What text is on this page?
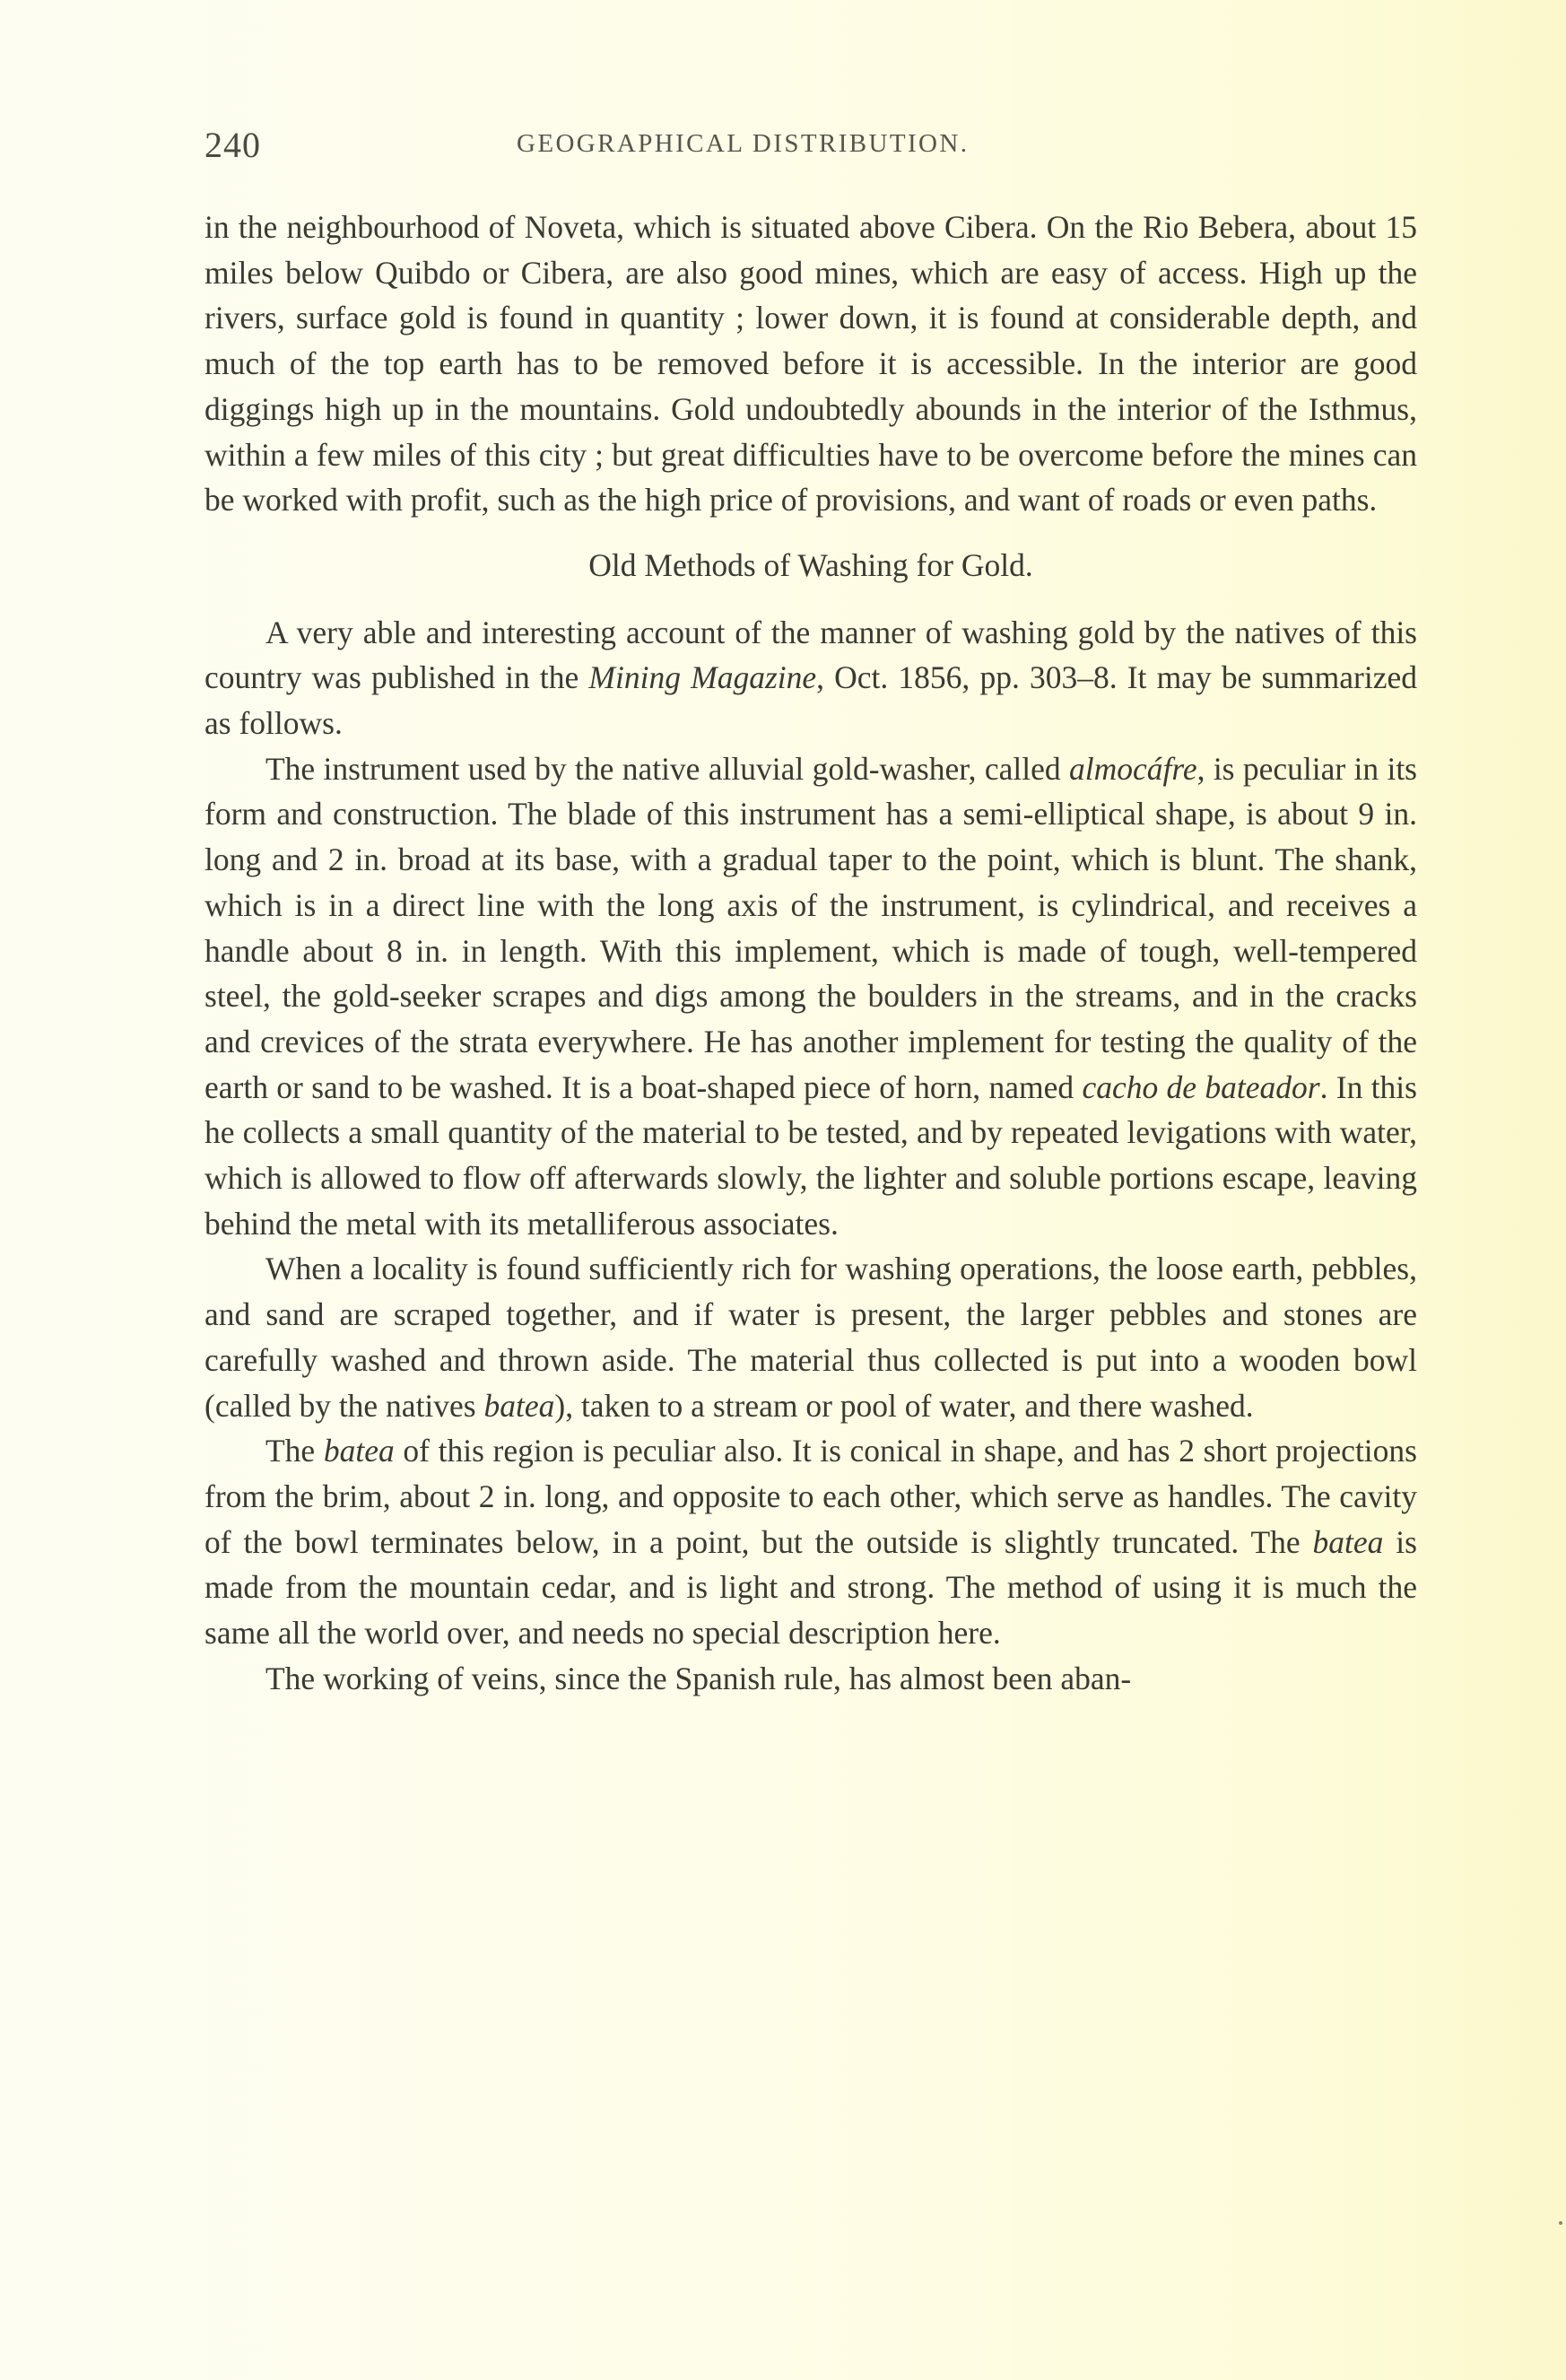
240	GEOGRAPHICAL DISTRIBUTION.

in the neighbourhood of Noveta, which is situated above Cibera. On the Rio Bebera, about 15 miles below Quibdo or Cibera, are also good mines, which are easy of access. High up the rivers, surface gold is found in quantity ; lower down, it is found at considerable depth, and much of the top earth has to be removed before it is accessible. In the interior are good diggings high up in the mountains. Gold undoubtedly abounds in the interior of the Isthmus, within a few miles of this city ; but great difficulties have to be overcome before the mines can be worked with profit, such as the high price of provisions, and want of roads or even paths.

Old Methods of Washing for Gold.

A very able and interesting account of the manner of washing gold by the natives of this country was published in the Mining Magazine, Oct. 1856, pp. 303–8. It may be summarized as follows.

The instrument used by the native alluvial gold-washer, called almocáfre, is peculiar in its form and construction. The blade of this instrument has a semi-elliptical shape, is about 9 in. long and 2 in. broad at its base, with a gradual taper to the point, which is blunt. The shank, which is in a direct line with the long axis of the instrument, is cylindrical, and receives a handle about 8 in. in length. With this implement, which is made of tough, well-tempered steel, the gold-seeker scrapes and digs among the boulders in the streams, and in the cracks and crevices of the strata everywhere. He has another implement for testing the quality of the earth or sand to be washed. It is a boat-shaped piece of horn, named cacho de bateador. In this he collects a small quantity of the material to be tested, and by repeated levigations with water, which is allowed to flow off afterwards slowly, the lighter and soluble portions escape, leaving behind the metal with its metalliferous associates.

When a locality is found sufficiently rich for washing operations, the loose earth, pebbles, and sand are scraped together, and if water is present, the larger pebbles and stones are carefully washed and thrown aside. The material thus collected is put into a wooden bowl (called by the natives batea), taken to a stream or pool of water, and there washed.

The batea of this region is peculiar also. It is conical in shape, and has 2 short projections from the brim, about 2 in. long, and opposite to each other, which serve as handles. The cavity of the bowl terminates below, in a point, but the outside is slightly truncated. The batea is made from the mountain cedar, and is light and strong. The method of using it is much the same all the world over, and needs no special description here.

The working of veins, since the Spanish rule, has almost been aban-
